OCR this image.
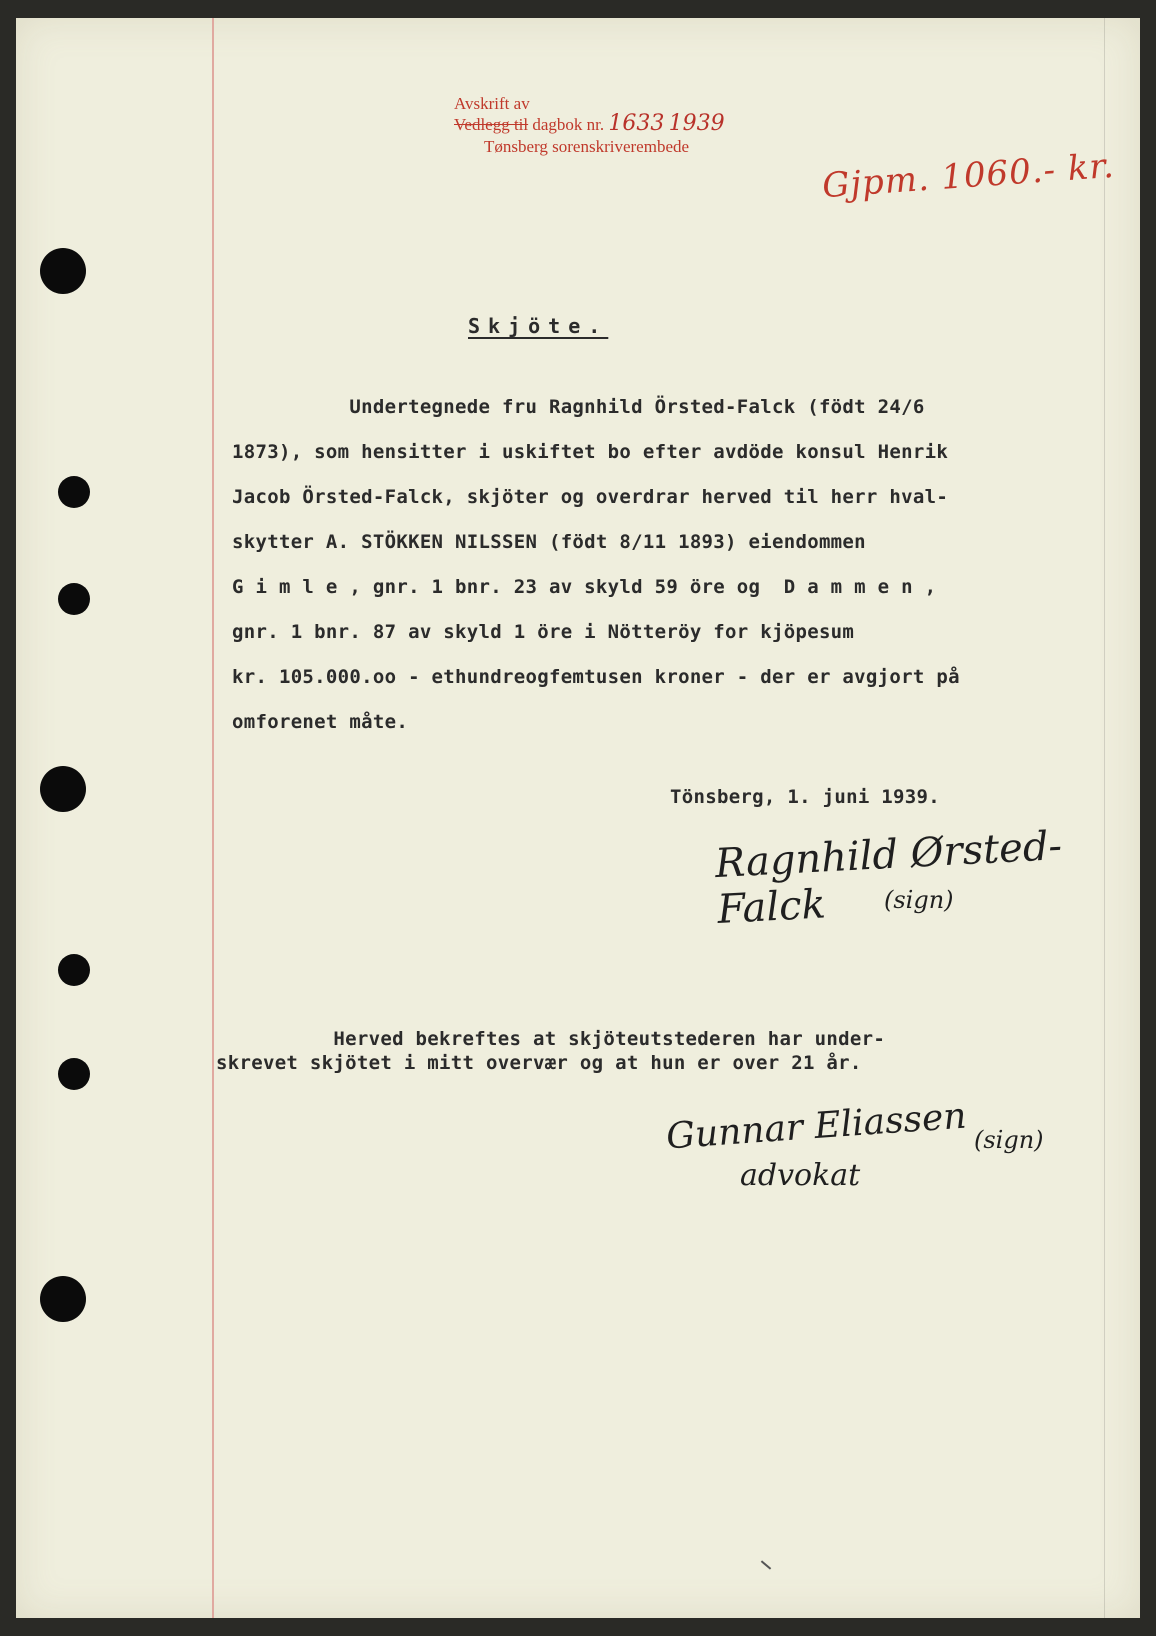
Avskrift av
Vedlegg til dagbok nr. 1633 1939
Tønsberg sorenskriverembede	Gjpm. 1060.- kr.
Skjöte.
Undertegnede fru Ragnhild Örsted-Falck (födt 24/6
1873), som hensitter i uskiftet bo efter avdöde konsul Henrik
Jacob Örsted-Falck, skjöter og overdrar herved til herr hval-
skytter A. STÖKKEN NILSSEN (födt 8/11 1893) eiendommen
G i m l e , gnr. 1 bnr. 23 av skyld 59 öre og  D a m m e n ,
gnr. 1 bnr. 87 av skyld 1 öre i Nötteröy for kjöpesum
kr. 105.000.oo - ethundreogfemtusen kroner - der er avgjort på
omforenet måte.
Tönsberg, 1. juni 1939.
Ragnhild Ørsted-Falck	(sign)
Herved bekreftes at skjöteutstederen har under-
skrevet skjötet i mitt overvær og at hun er over 21 år.
Gunnar Eliassen (sign)
advokat
